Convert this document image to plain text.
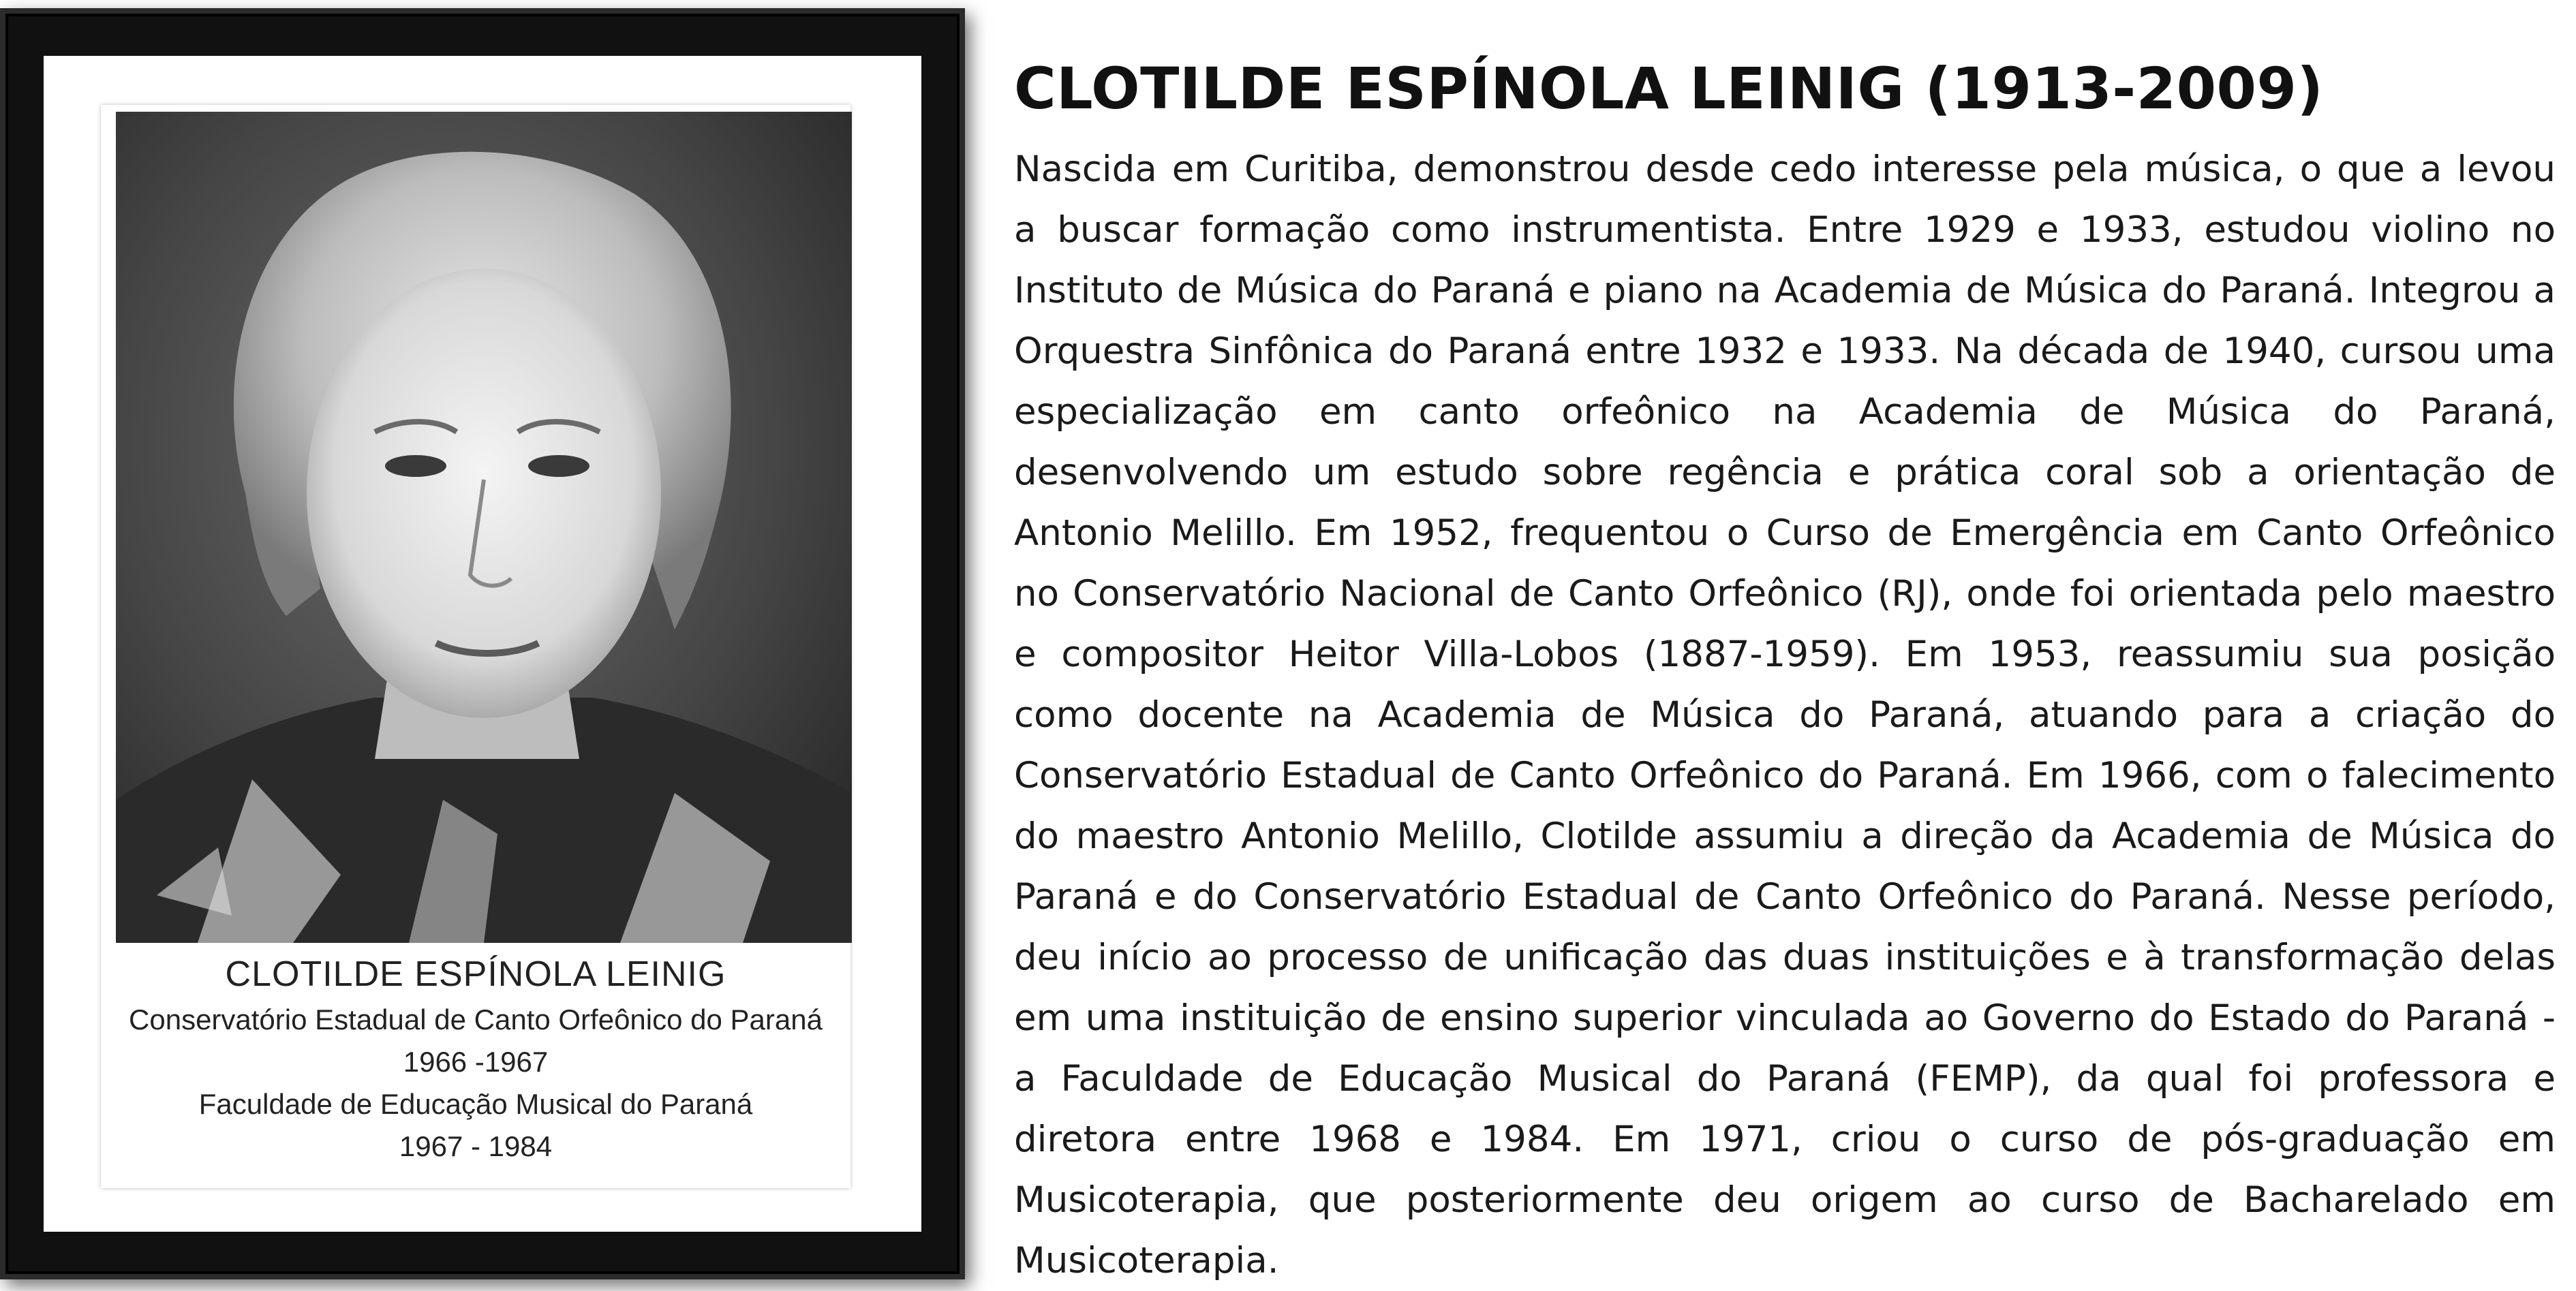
CLOTILDE ESPÍNOLA LEINIG
Conservatório Estadual de Canto Orfeônico do Paraná
1966 -1967
Faculdade de Educação Musical do Paraná
1967 - 1984
CLOTILDE ESPÍNOLA LEINIG (1913-2009)

Nascida em Curitiba, demonstrou desde cedo interesse pela música, o que a levou a buscar formação como instrumentista. Entre 1929 e 1933, estudou violino no Instituto de Música do Paraná e piano na Academia de Música do Paraná. Integrou a Orquestra Sinfônica do Paraná entre 1932 e 1933. Na década de 1940, cursou uma especialização em canto orfeônico na Academia de Música do Paraná, desenvolvendo um estudo sobre regência e prática coral sob a orientação de Antonio Melillo. Em 1952, frequentou o Curso de Emergência em Canto Orfeônico no Conservatório Nacional de Canto Orfeônico (RJ), onde foi orientada pelo maestro e compositor Heitor Villa-Lobos (1887-1959). Em 1953, reassumiu sua posição como docente na Academia de Música do Paraná, atuando para a criação do Conservatório Estadual de Canto Orfeônico do Paraná. Em 1966, com o falecimento do maestro Antonio Melillo, Clotilde assumiu a direção da Academia de Música do Paraná e do Conservatório Estadual de Canto Orfeônico do Paraná. Nesse período, deu início ao processo de unificação das duas instituições e à transformação delas em uma instituição de ensino superior vinculada ao Governo do Estado do Paraná - a Faculdade de Educação Musical do Paraná (FEMP), da qual foi professora e diretora entre 1968 e 1984. Em 1971, criou o curso de pós-graduação em Musicoterapia, que posteriormente deu origem ao curso de Bacharelado em Musicoterapia.
